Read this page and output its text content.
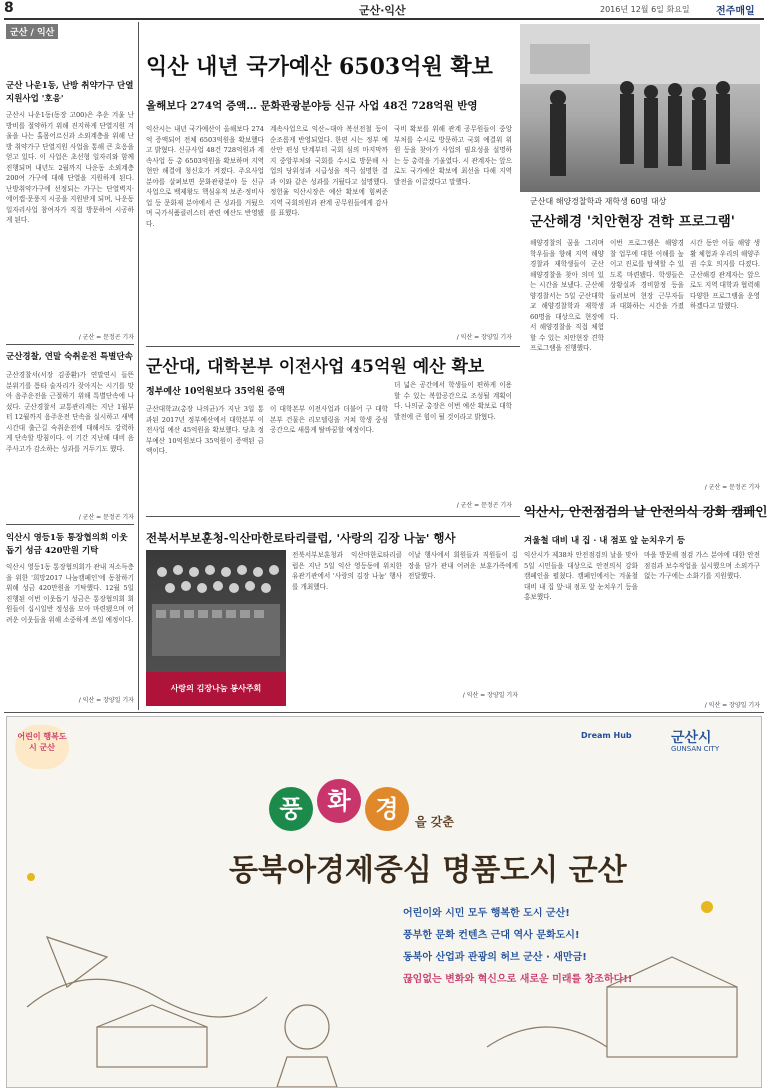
8	군산·익산	2016년 12월 6일 화요일	전주매일
군산 / 익산
군산 나운1동, 난방 취약가구 단열지원사업 '호응'
군산시 나운1동(동장 고00)은 추운 겨울 난방비를 절약하기 위해 진지하게 단열지원 겨울을 나는 홀몸어르신과 소외계층을 위해 난방 취약가구 단열지원 사업을 통해 큰 호응을 얻고 있다. 이 사업은 초선형 일자리와 함께 진행되며 내년도 2월까지 나운동 소외계층 200여 가구에 대해 단열을 지원하게 된다. 난방취약가구에 선정되는 가구는 단열벽지·에어캡·문풍지 시공을 지원받게 되며, 나운동 일자리사업 참여자가 직접 방문하여 시공하게 된다.
/ 군산 = 문정곤 기자
군산경찰, 연말 숙취운전 특별단속
군산경찰서(서장 김종환)가 연말연시 들뜬 분위기를 틈타 술자리가 잦아지는 시기를 맞아 음주운전을 근절하기 위해 특별단속에 나섰다. 군산경찰서 교통관리계는 지난 1월부터 12월까지 음주운전 단속을 실시하고 새벽 시간대 출근길 숙취운전에 대해서도 강력하게 단속할 방침이다. 이 기간 지난해 대비 음주사고가 감소하는 성과를 거두기도 했다.
/ 군산 = 문정곤 기자
익산시 영등1동 통장협의회 이웃돕기 성금 420만원 기탁
익산시 영등1동 통장협의회가 관내 저소득층을 위한 '희망2017 나눔캠페인'에 동참하기 위해 성금 420만원을 기탁했다. 12월 5일 진행된 이번 이웃돕기 성금은 통장협의회 회원들이 십시일반 정성을 모아 마련됐으며 어려운 이웃들을 위해 소중하게 쓰일 예정이다.
/ 익산 = 장양일 기자
익산 내년 국가예산 6503억원 확보
올해보다 274억 증액… 문화관광분야등 신규 사업 48건 728억원 반영
익산시는 내년 국가예산이 올해보다 274억 증액되어 전체 6503억원을 확보했다고 밝혔다. 신규사업 48건 728억원과 계속사업 등 총 6503억원을 확보하며 지역 현안 해결에 청신호가 켜졌다. 주요사업 분야를 살펴보면 문화관광분야 등 신규 사업으로 백제왕도 핵심유적 보존·정비사업 등 문화재 분야에서 큰 성과를 거뒀으며 국가식품클러스터 관련 예산도 반영됐다.
계속사업으로 익산~대야 복선전철 등이 순조롭게 반영되었다. 한편 시는 정부 예산안 편성 단계부터 국회 심의 마지막까지 중앙부처와 국회를 수시로 방문해 사업의 당위성과 시급성을 적극 설명한 결과 이와 같은 성과를 거뒀다고 설명했다. 정헌율 익산시장은 예산 확보에 힘써준 지역 국회의원과 관계 공무원들에게 감사를 표했다.
국비 확보를 위해 관계 공무원들이 중앙부처를 수시로 방문하고 국회 예결위 위원 등을 찾아가 사업의 필요성을 설명하는 등 총력을 기울였다. 시 관계자는 앞으로도 국가예산 확보에 최선을 다해 지역 발전을 이끌겠다고 말했다.
/ 익산 = 장양일 기자
군산대 해양경찰학과 재학생 60명 대상
군산해경 '치안현장 견학 프로그램'
해양경찰의 꿈을 그리며 학우들을 향해 지역 해양경찰과 재학생들이 군산해양경찰을 찾아 의미 있는 시간을 보냈다. 군산해양경찰서는 5일 군산대학교 해양경찰학과 재학생 60명을 대상으로 현장에서 해양경찰을 직접 체험할 수 있는 치안현장 견학 프로그램을 진행했다.
이번 프로그램은 해양경찰 업무에 대한 이해를 높이고 진로를 탐색할 수 있도록 마련됐다. 학생들은 상황실과 경비함정 등을 둘러보며 현장 근무자들과 대화하는 시간을 가졌다.
시간 동안 이들 해양 생활 체험과 우리의 해양주권 수호 의지를 다졌다. 군산해경 관계자는 앞으로도 지역 대학과 협력해 다양한 프로그램을 운영하겠다고 말했다.
/ 군산 = 문정곤 기자
군산대, 대학본부 이전사업 45억원 예산 확보
정부예산 10억원보다 35억원 증액
군산대학교(총장 나의균)가 지난 3일 통과된 2017년 정부예산에서 대학본부 이전사업 예산 45억원을 확보했다. 당초 정부예산 10억원보다 35억원이 증액된 금액이다.
이 대학본부 이전사업과 더불어 구 대학본부 건물은 리모델링을 거쳐 학생 중심 공간으로 새롭게 탈바꿈할 예정이다.
더 넓은 공간에서 학생들이 편하게 이용할 수 있는 복합공간으로 조성될 계획이다. 나의균 총장은 이번 예산 확보로 대학 발전에 큰 힘이 될 것이라고 밝혔다.
/ 군산 = 문정곤 기자 익산시, 안전점검의 날 안전의식 강화 캠페인
겨울철 대비 내 집 · 내 점포 앞 눈치우기 등
익산시가 제38차 안전점검의 날을 맞아 5일 시민들을 대상으로 안전의식 강화 캠페인을 펼쳤다. 캠페인에서는 겨울철 대비 내 집 앞·내 점포 앞 눈치우기 등을 홍보했다.
마을 방문해 점검 가스 분야에 대한 안전점검과 보수작업을 실시했으며 소외가구 없는 가구에는 소화기를 지원했다.
/ 익산 = 장양일 기자
전북서부보훈청-익산마한로타리클럽, '사랑의 김장 나눔' 행사
사랑의 김장나눔 봉사주회
전북서부보훈청과 익산마한로타리클럽은 지난 5일 익산 영등동에 위치한 유관기관에서 '사랑의 김장 나눔' 행사를 개최했다.
이날 행사에서 회원들과 직원들이 김장을 담가 관내 어려운 보훈가족에게 전달했다.
/ 익산 = 장양일 기자
어린이 행복도시 군산
Dream Hub	군산시
GUNSAN CITY
풍	화	경	을 갖춘
동북아경제중심 명품도시 군산
어린이와 시민 모두 행복한 도시 군산!
풍부한 문화 컨텐츠 근대 역사 문화도시!
동북아 산업과 관광의 허브 군산 · 새만금!
끊임없는 변화와 혁신으로 새로운 미래를 창조하다!!
